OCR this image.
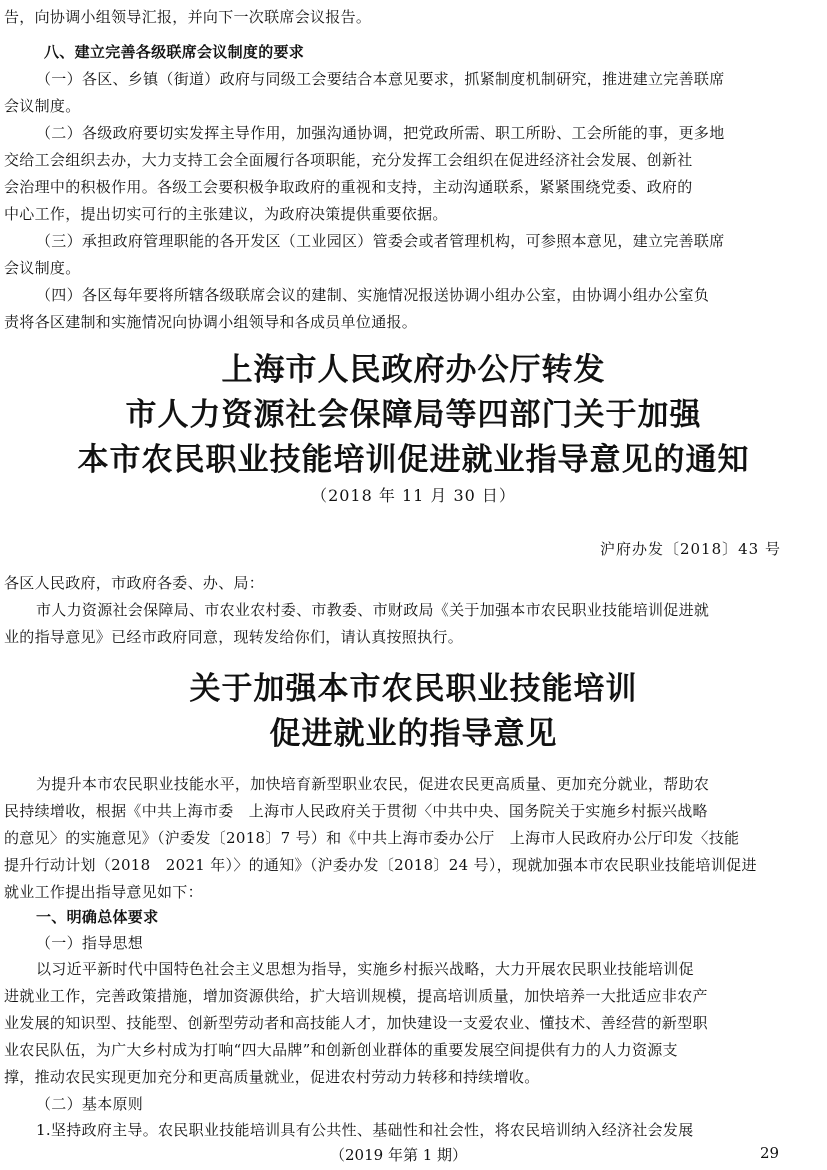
告，向协调小组领导汇报，并向下一次联席会议报告。

八、建立完善各级联席会议制度的要求

（一）各区、乡镇（街道）政府与同级工会要结合本意见要求，抓紧制度机制研究，推进建立完善联席

会议制度。

（二）各级政府要切实发挥主导作用，加强沟通协调，把党政所需、职工所盼、工会所能的事，更多地

交给工会组织去办，大力支持工会全面履行各项职能，充分发挥工会组织在促进经济社会发展、创新社

会治理中的积极作用。各级工会要积极争取政府的重视和支持，主动沟通联系，紧紧围绕党委、政府的

中心工作，提出切实可行的主张建议，为政府决策提供重要依据。

（三）承担政府管理职能的各开发区（工业园区）管委会或者管理机构，可参照本意见，建立完善联席

会议制度。

（四）各区每年要将所辖各级联席会议的建制、实施情况报送协调小组办公室，由协调小组办公室负

责将各区建制和实施情况向协调小组领导和各成员单位通报。

上海市人民政府办公厅转发
市人力资源社会保障局等四部门关于加强
本市农民职业技能培训促进就业指导意见的通知

（2018 年 11 月 30 日）

沪府办发〔2018〕43 号

各区人民政府，市政府各委、办、局：

市人力资源社会保障局、市农业农村委、市教委、市财政局《关于加强本市农民职业技能培训促进就

业的指导意见》已经市政府同意，现转发给你们，请认真按照执行。

关于加强本市农民职业技能培训
促进就业的指导意见

为提升本市农民职业技能水平，加快培育新型职业农民，促进农民更高质量、更加充分就业，帮助农

民持续增收，根据《中共上海市委　上海市人民政府关于贯彻〈中共中央、国务院关于实施乡村振兴战略

的意见〉的实施意见》（沪委发〔2018〕7 号）和《中共上海市委办公厅　上海市人民政府办公厅印发〈技能

提升行动计划（2018　2021 年）〉的通知》（沪委办发〔2018〕24 号），现就加强本市农民职业技能培训促进

就业工作提出指导意见如下：

一、明确总体要求

（一）指导思想

以习近平新时代中国特色社会主义思想为指导，实施乡村振兴战略，大力开展农民职业技能培训促

进就业工作，完善政策措施，增加资源供给，扩大培训规模，提高培训质量，加快培养一大批适应非农产

业发展的知识型、技能型、创新型劳动者和高技能人才，加快建设一支爱农业、懂技术、善经营的新型职

业农民队伍，为广大乡村成为打响“四大品牌”和创新创业群体的重要发展空间提供有力的人力资源支

撑，推动农民实现更加充分和更高质量就业，促进农村劳动力转移和持续增收。

（二）基本原则

1.坚持政府主导。农民职业技能培训具有公共性、基础性和社会性，将农民培训纳入经济社会发展

（2019 年第 1 期）	29
